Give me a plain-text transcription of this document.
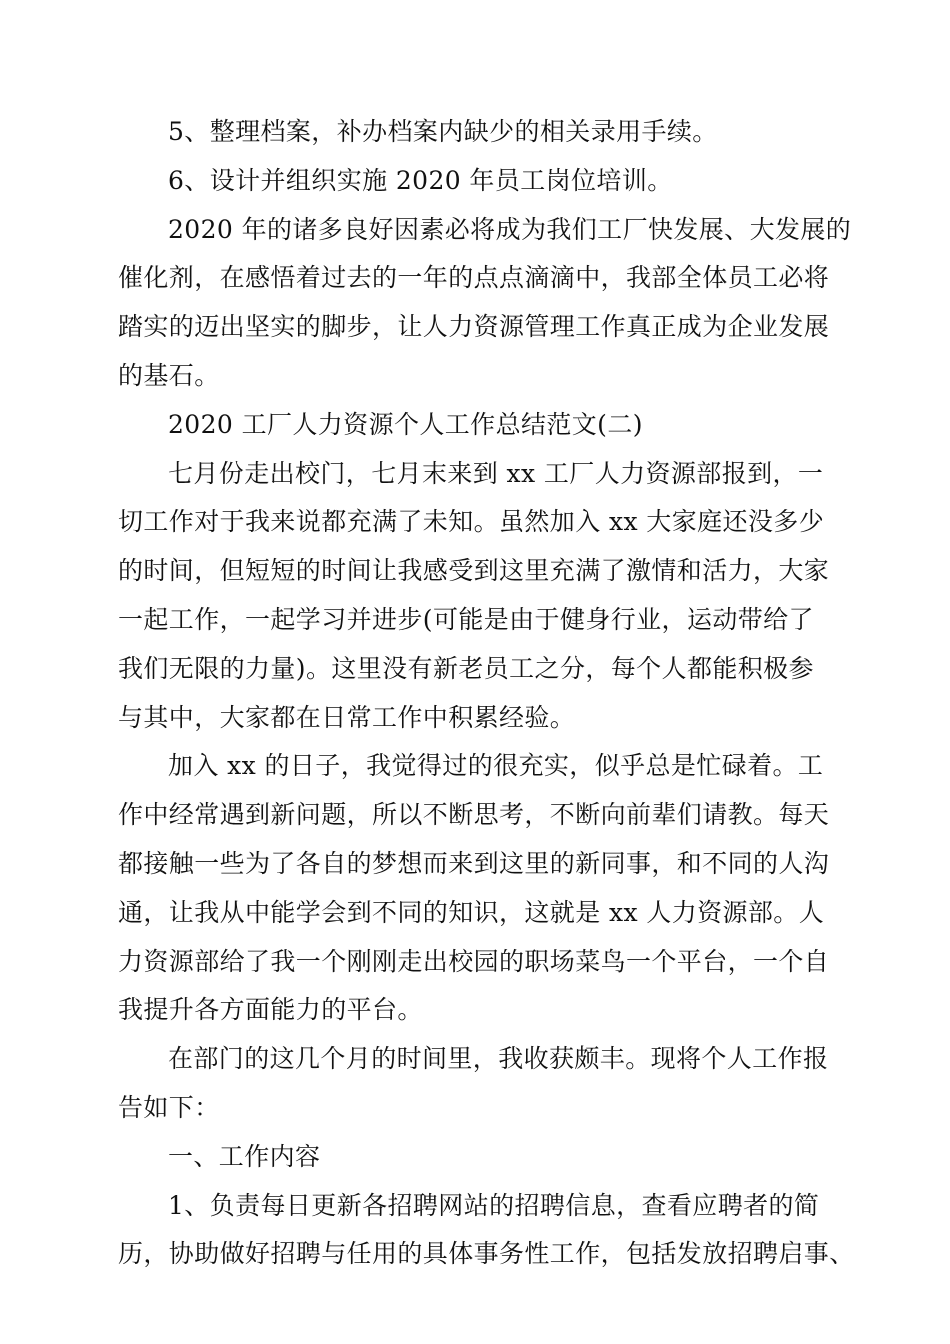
5、整理档案，补办档案内缺少的相关录用手续。
6、设计并组织实施 2020 年员工岗位培训。
2020 年的诸多良好因素必将成为我们工厂快发展、大发展的
催化剂，在感悟着过去的一年的点点滴滴中，我部全体员工必将
踏实的迈出坚实的脚步，让人力资源管理工作真正成为企业发展
的基石。
2020 工厂人力资源个人工作总结范文(二)
七月份走出校门，七月末来到 xx 工厂人力资源部报到，一
切工作对于我来说都充满了未知。虽然加入 xx 大家庭还没多少
的时间，但短短的时间让我感受到这里充满了激情和活力，大家
一起工作，一起学习并进步(可能是由于健身行业，运动带给了
我们无限的力量)。这里没有新老员工之分，每个人都能积极参
与其中，大家都在日常工作中积累经验。
加入 xx 的日子，我觉得过的很充实，似乎总是忙碌着。工
作中经常遇到新问题，所以不断思考，不断向前辈们请教。每天
都接触一些为了各自的梦想而来到这里的新同事，和不同的人沟
通，让我从中能学会到不同的知识，这就是 xx 人力资源部。人
力资源部给了我一个刚刚走出校园的职场菜鸟一个平台，一个自
我提升各方面能力的平台。
在部门的这几个月的时间里，我收获颇丰。现将个人工作报
告如下：
一、工作内容
1、负责每日更新各招聘网站的招聘信息，查看应聘者的简
历，协助做好招聘与任用的具体事务性工作，包括发放招聘启事、
